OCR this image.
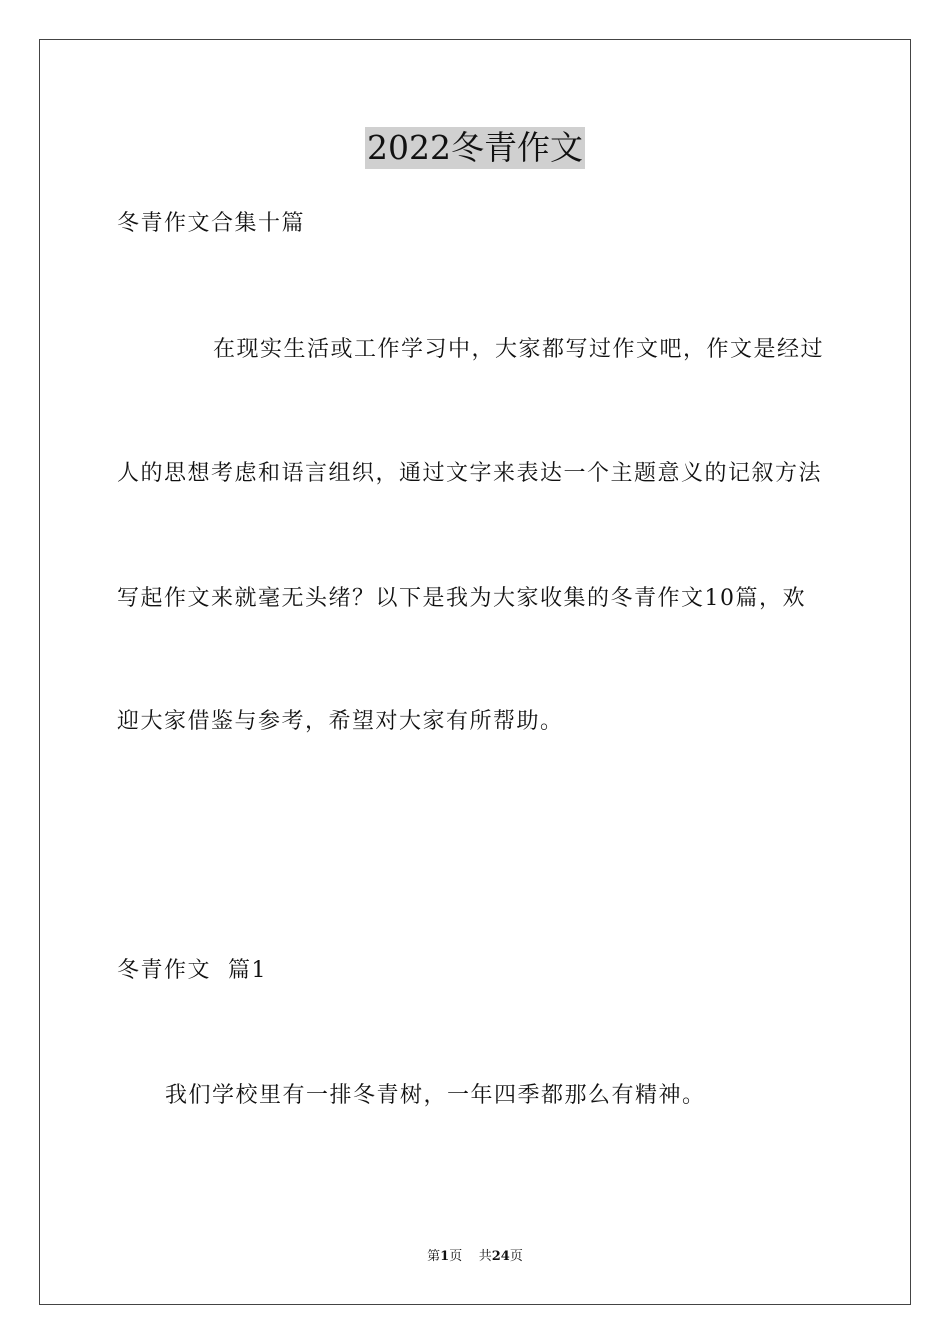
2022冬青作文
冬青作文合集十篇
在现实生活或工作学习中，大家都写过作文吧，作文是经过
人的思想考虑和语言组织，通过文字来表达一个主题意义的记叙方法
写起作文来就毫无头绪？以下是我为大家收集的冬青作文10篇，欢
迎大家借鉴与参考，希望对大家有所帮助。
冬青作文  篇1
我们学校里有一排冬青树，一年四季都那么有精神。
第1页 共24页
